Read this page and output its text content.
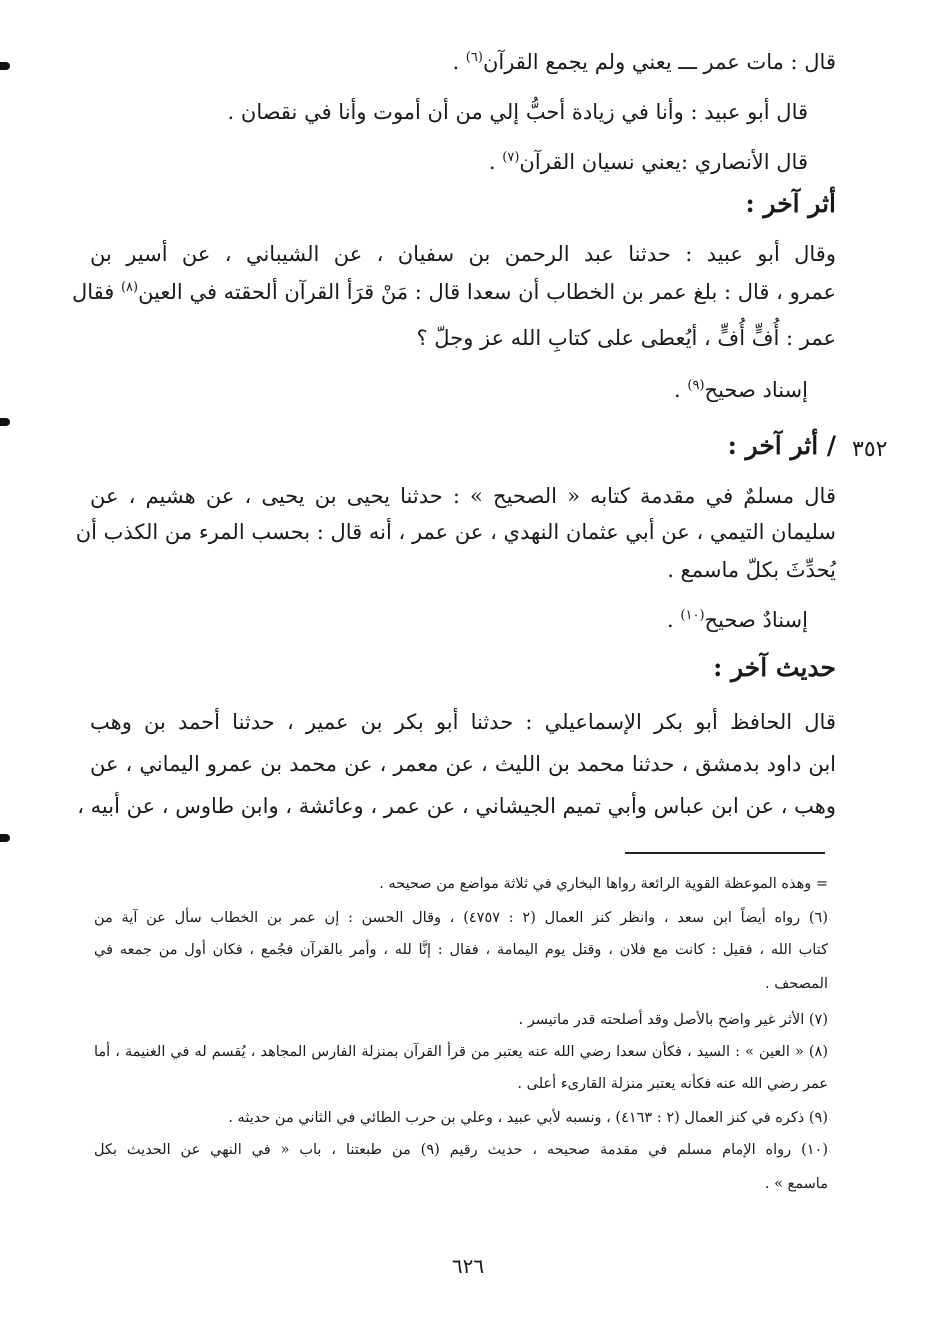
٣٥٢
قال : مات عمر ـــ يعني ولم يجمع القرآن$^{(٦)}$ .
قال أبو عبيد : وأنا في زيادة أحبُّ إلي من أن أموت وأنا في نقصان .
قال الأنصاري :يعني نسيان القرآن$^{(٧)}$ .
أثر آخر :
وقال أبو عبيد : حدثنا عبد الرحمن بن سفيان ، عن الشيباني ، عن أسير بن
عمرو ، قال : بلغ عمر بن الخطاب أن سعدا قال : مَنْ قرَأ القرآن ألحقته في العين$^{(٨)}$ فقال
عمر : أُفٍّ أُفٍّ ، أيُعطى على كتابِ الله عز وجلّ ؟
إسناد صحيح$^{(٩)}$ .
/ أثر آخر :
قال مسلمٌ في مقدمة كتابه « الصحيح » : حدثنا يحيى بن يحيى ، عن هشيم ، عن
سليمان التيمي ، عن أبي عثمان النهدي ، عن عمر ، أنه قال : بحسب المرء من الكذب أن
يُحدِّثَ بكلّ ماسمع .
إسنادٌ صحيح$^{(١٠)}$ .
حديث آخر :
قال الحافظ أبو بكر الإسماعيلي : حدثنا أبو بكر بن عمير ، حدثنا أحمد بن وهب
ابن داود بدمشق ، حدثنا محمد بن الليث ، عن معمر ، عن محمد بن عمرو اليماني ، عن
وهب ، عن ابن عباس وأبي تميم الجيشاني ، عن عمر ، وعائشة ، وابن طاوس ، عن أبيه ،
= وهذه الموعظة القوية الرائعة رواها البخاري في ثلاثة مواضع من صحيحه .
(٦) رواه أيضاً ابن سعد ، وانظر كنز العمال (٢ : ٤٧٥٧) ، وقال الحسن : إن عمر بن الخطاب سأل عن آية من
كتاب الله ، فقيل : كانت مع فلان ، وقتل يوم اليمامة ، فقال : إنَّا لله ، وأمر بالقرآن فجُمع ، فكان أول من جمعه في
المصحف .
(٧) الأثر غير واضح بالأصل وقد أصلحته قدر ماتيسر .
(٨) « العين » : السيد ، فكأن سعدا رضي الله عنه يعتبر من قرأ القرآن بمنزلة الفارس المجاهد ، يُقسم له في الغنيمة ، أما
عمر رضي الله عنه فكأنه يعتبر منزلة القارىء أعلى .
(٩) ذكره في كنز العمال (٢ : ٤١٦٣) ، ونسبه لأبي عبيد ، وعلي بن حرب الطائي في الثاني من حديثه .
(١٠) رواه الإمام مسلم في مقدمة صحيحه ، حديث رقيم (٩) من طبعتنا ، باب « في النهي عن الحديث بكل
ماسمع » .
٦٢٦
